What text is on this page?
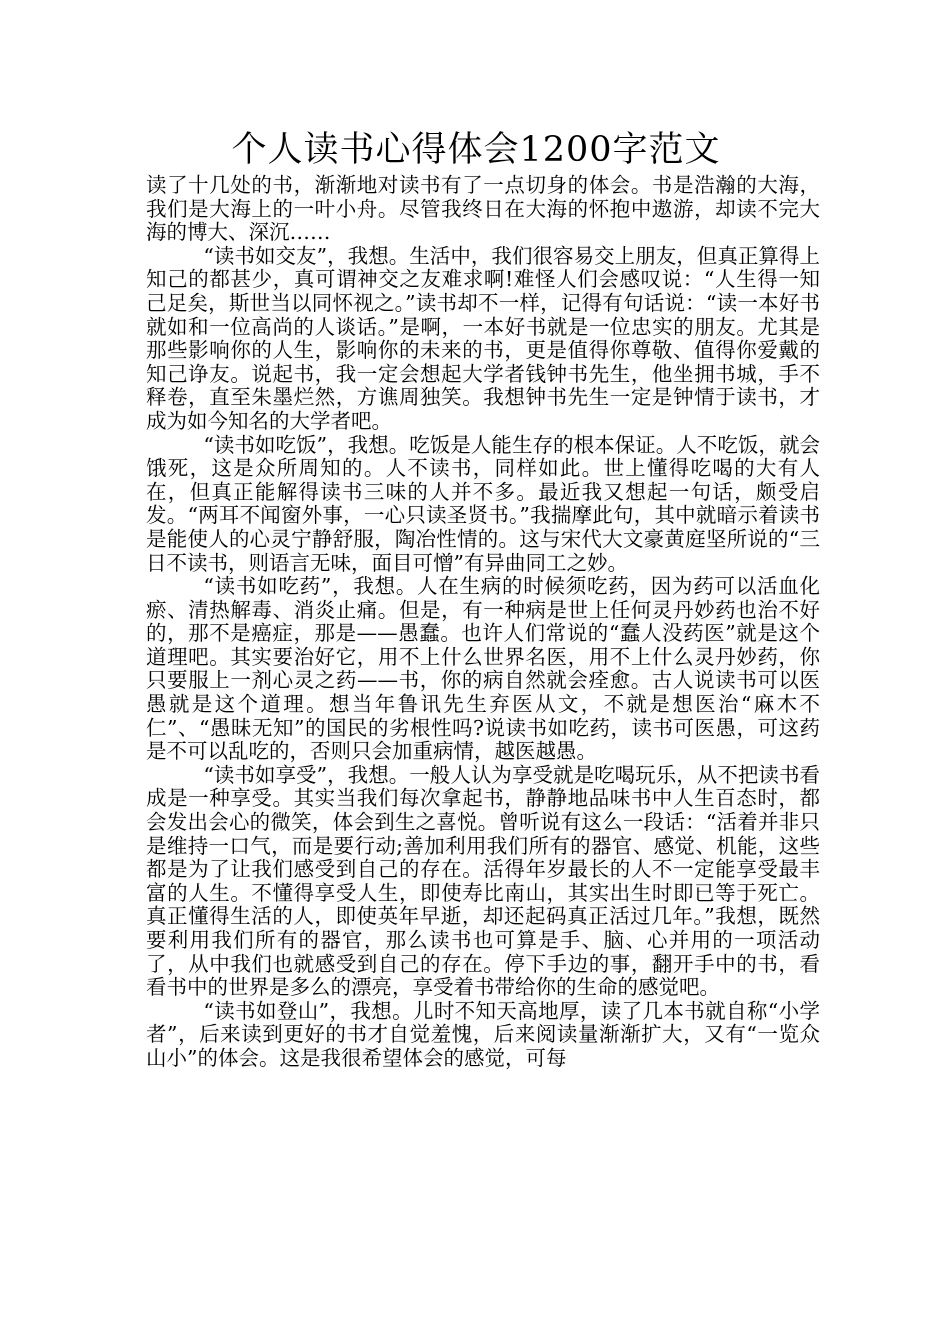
个人读书心得体会1200字范文

读了十几处的书，渐渐地对读书有了一点切身的体会。书是浩瀚的大海，我们是大海上的一叶小舟。尽管我终日在大海的怀抱中遨游，却读不完大海的博大、深沉……

“读书如交友”，我想。生活中，我们很容易交上朋友，但真正算得上知己的都甚少，真可谓神交之友难求啊!难怪人们会感叹说：“人生得一知己足矣，斯世当以同怀视之。”读书却不一样，记得有句话说：“读一本好书就如和一位高尚的人谈话。”是啊，一本好书就是一位忠实的朋友。尤其是那些影响你的人生，影响你的未来的书，更是值得你尊敬、值得你爱戴的知己诤友。说起书，我一定会想起大学者钱钟书先生，他坐拥书城，手不释卷，直至朱墨烂然，方谯周独笑。我想钟书先生一定是钟情于读书，才成为如今知名的大学者吧。

“读书如吃饭”，我想。吃饭是人能生存的根本保证。人不吃饭，就会饿死，这是众所周知的。人不读书，同样如此。世上懂得吃喝的大有人在，但真正能解得读书三味的人并不多。最近我又想起一句话，颇受启发。“两耳不闻窗外事，一心只读圣贤书。”我揣摩此句，其中就暗示着读书是能使人的心灵宁静舒服，陶冶性情的。这与宋代大文豪黄庭坚所说的“三日不读书，则语言无味，面目可憎”有异曲同工之妙。

“读书如吃药”，我想。人在生病的时候须吃药，因为药可以活血化瘀、清热解毒、消炎止痛。但是，有一种病是世上任何灵丹妙药也治不好的，那不是癌症，那是——愚蠢。也许人们常说的“蠢人没药医”就是这个道理吧。其实要治好它，用不上什么世界名医，用不上什么灵丹妙药，你只要服上一剂心灵之药——书，你的病自然就会痊愈。古人说读书可以医愚就是这个道理。想当年鲁讯先生弃医从文，不就是想医治“麻木不仁”、“愚昧无知”的国民的劣根性吗?说读书如吃药，读书可医愚，可这药是不可以乱吃的，否则只会加重病情，越医越愚。

“读书如享受”，我想。一般人认为享受就是吃喝玩乐，从不把读书看成是一种享受。其实当我们每次拿起书，静静地品味书中人生百态时，都会发出会心的微笑，体会到生之喜悦。曾听说有这么一段话：“活着并非只是维持一口气，而是要行动;善加利用我们所有的器官、感觉、机能，这些都是为了让我们感受到自己的存在。活得年岁最长的人不一定能享受最丰富的人生。不懂得享受人生，即使寿比南山，其实出生时即已等于死亡。真正懂得生活的人，即使英年早逝，却还起码真正活过几年。”我想，既然要利用我们所有的器官，那么读书也可算是手、脑、心并用的一项活动了，从中我们也就感受到自己的存在。停下手边的事，翻开手中的书，看看书中的世界是多么的漂亮，享受着书带给你的生命的感觉吧。

“读书如登山”，我想。儿时不知天高地厚，读了几本书就自称“小学者”，后来读到更好的书才自觉羞愧，后来阅读量渐渐扩大，又有“一览众山小”的体会。这是我很希望体会的感觉，可每
